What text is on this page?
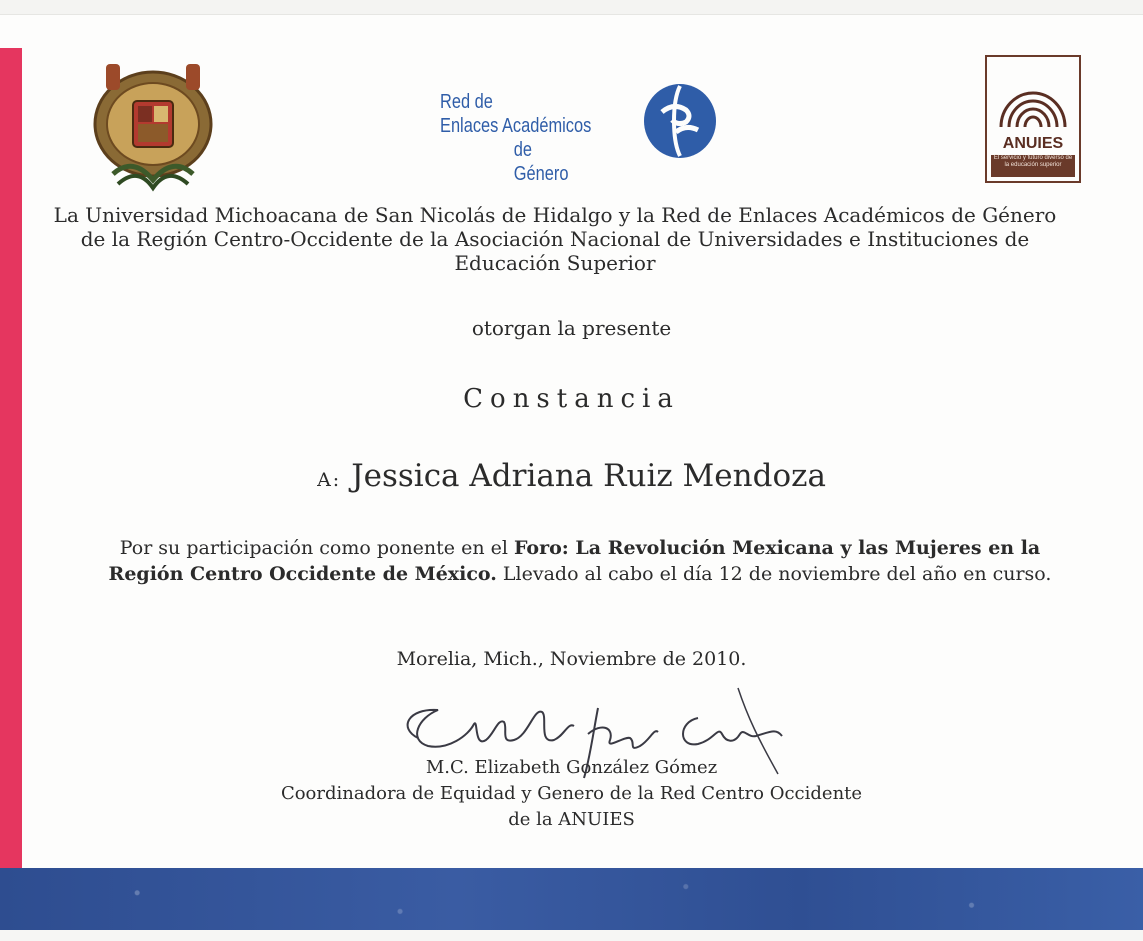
Red de
Enlaces Académicos
de Género
ANUIES
El servicio y futuro diverso de la educación superior
La Universidad Michoacana de San Nicolás de Hidalgo y la Red de Enlaces Académicos de Género de la Región Centro-Occidente de la Asociación Nacional de Universidades e Instituciones de Educación Superior
otorgan la presente
Constancia
A: Jessica Adriana Ruiz Mendoza
Por su participación como ponente en el Foro: La Revolución Mexicana y las Mujeres en la Región Centro Occidente de México. Llevado al cabo el día 12 de noviembre del año en curso.
Morelia, Mich., Noviembre de 2010.
M.C. Elizabeth González Gómez
Coordinadora de Equidad y Genero de la Red Centro Occidente
de la ANUIES
